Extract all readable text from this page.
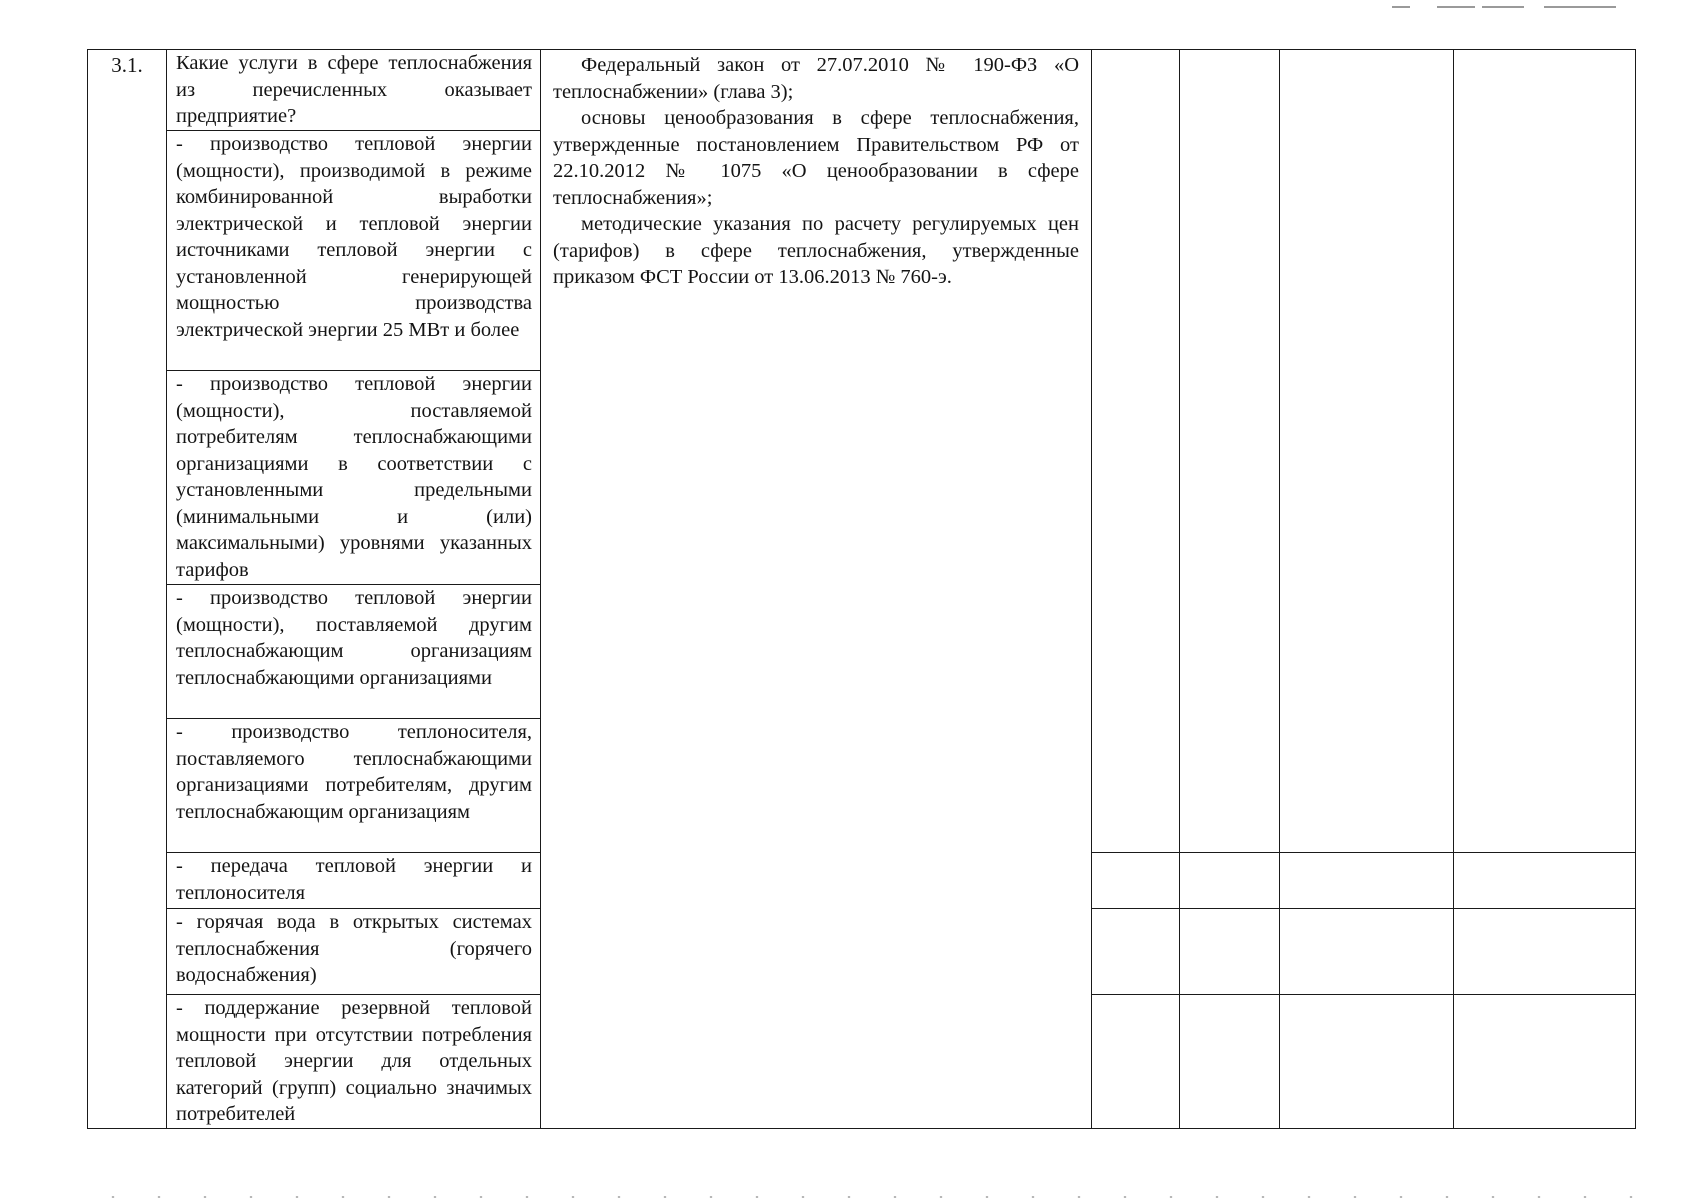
3.1.	Какие услуги в сфере теплоснабжения из перечисленных оказывает предприятие?	Федеральный закон от 27.07.2010 № 190-ФЗ «О теплоснабжении» (глава 3);

основы ценообразования в сфере теплоснабжения, утвержденные постановлением Правительством РФ от 22.10.2012 № 1075 «О ценообразовании в сфере теплоснабжения»;

методические указания по расчету регулируемых цен (тарифов) в сфере теплоснабжения, утвержденные приказом ФСТ России от 13.06.2013 № 760-э.				

	- производство тепловой энергии (мощности), производимой в режиме комбинированной выработки электрической и тепловой энергии источниками тепловой энергии с установленной генерирующей мощностью производства электрической энергии 25 МВт и более					
	- производство тепловой энергии (мощности), поставляемой потребителям теплоснабжающими организациями в соответствии с установленными предельными (минимальными и (или) максимальными) уровнями указанных тарифов					
	- производство тепловой энергии (мощности), поставляемой другим теплоснабжающим организациям теплоснабжающими организациями					
	- производство теплоносителя, поставляемого теплоснабжающими организациями потребителям, другим теплоснабжающим организациям					
	- передача тепловой энергии и теплоносителя					
	- горячая вода в открытых системах теплоснабжения (горячего водоснабжения)					
	- поддержание резервной тепловой мощности при отсутствии потребления тепловой энергии для отдельных категорий (групп) социально значимых потребителей					
